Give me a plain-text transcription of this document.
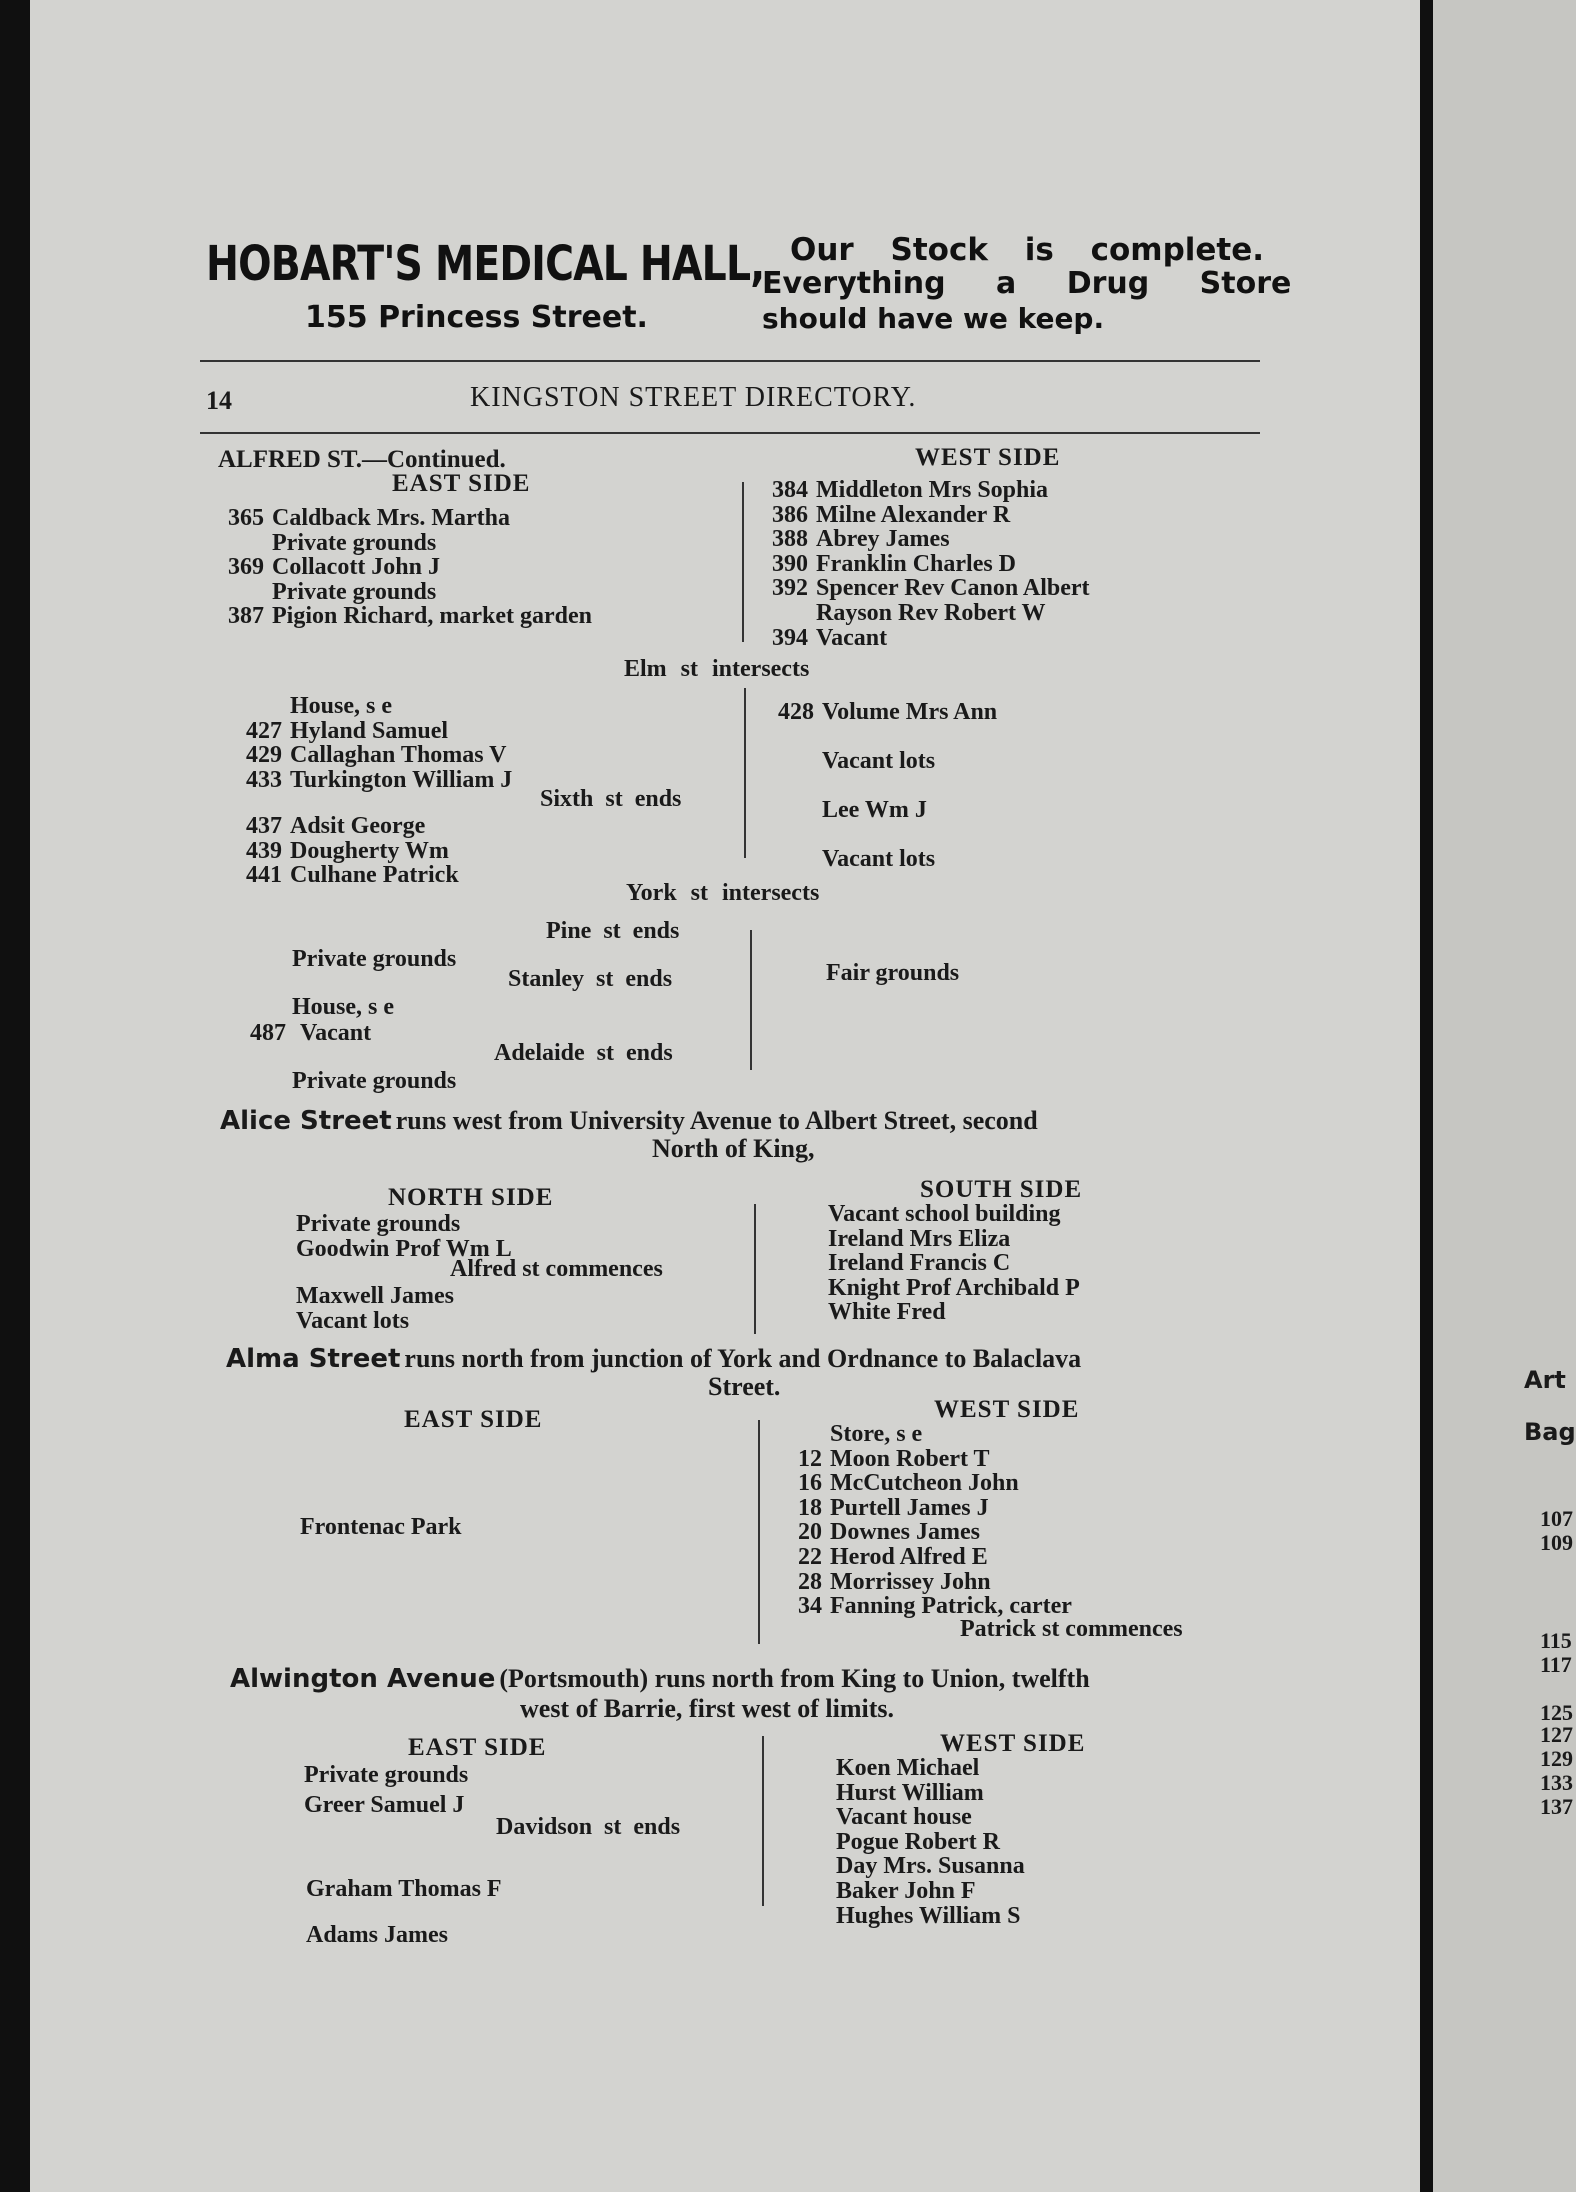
HOBART'S MEDICAL HALL,
155 Princess Street.
Our Stock is complete.
Everything a Drug Store
should have we keep.
14	KINGSTON STREET DIRECTORY.
ALFRED ST.—Continued.
EAST SIDE
WEST SIDE
365 Caldback Mrs. Martha
Private grounds
369 Collacott John J
Private grounds
387 Pigion Richard, market garden
384 Middleton Mrs Sophia
386 Milne Alexander R
388 Abrey James
390 Franklin Charles D
392 Spencer Rev Canon Albert
Rayson Rev Robert W
394 Vacant
Elm st intersects
House, s e
427 Hyland Samuel
429 Callaghan Thomas V
433 Turkington William J
Sixth st ends
437 Adsit George
439 Dougherty Wm
441 Culhane Patrick
428 Volume Mrs Ann
Vacant lots
Lee Wm J
Vacant lots
York st intersects
Pine st ends
Private grounds
Stanley st ends
House, s e
487 Vacant
Adelaide st ends
Private grounds
Fair grounds
Alice Street runs west from University Avenue to Albert Street, second
North of King,
NORTH SIDE	SOUTH SIDE
Private grounds
Goodwin Prof Wm L
Alfred st commences
Maxwell James
Vacant lots
Vacant school building
Ireland Mrs Eliza
Ireland Francis C
Knight Prof Archibald P
White Fred
Alma Street runs north from junction of York and Ordnance to Balaclava
Street.
EAST SIDE	WEST SIDE
Frontenac Park
Store, s e
12 Moon Robert T
16 McCutcheon John
18 Purtell James J
20 Downes James
22 Herod Alfred E
28 Morrissey John
34 Fanning Patrick, carter
Patrick st commences
Alwington Avenue (Portsmouth) runs north from King to Union, twelfth
west of Barrie, first west of limits.
EAST SIDE	WEST SIDE
Private grounds
Greer Samuel J
Davidson st ends
Graham Thomas F
Adams James
Koen Michael
Hurst William
Vacant house
Pogue Robert R
Day Mrs. Susanna
Baker John F
Hughes William S
Art
Bag
107
109
115
117
125
127
129
133
137
